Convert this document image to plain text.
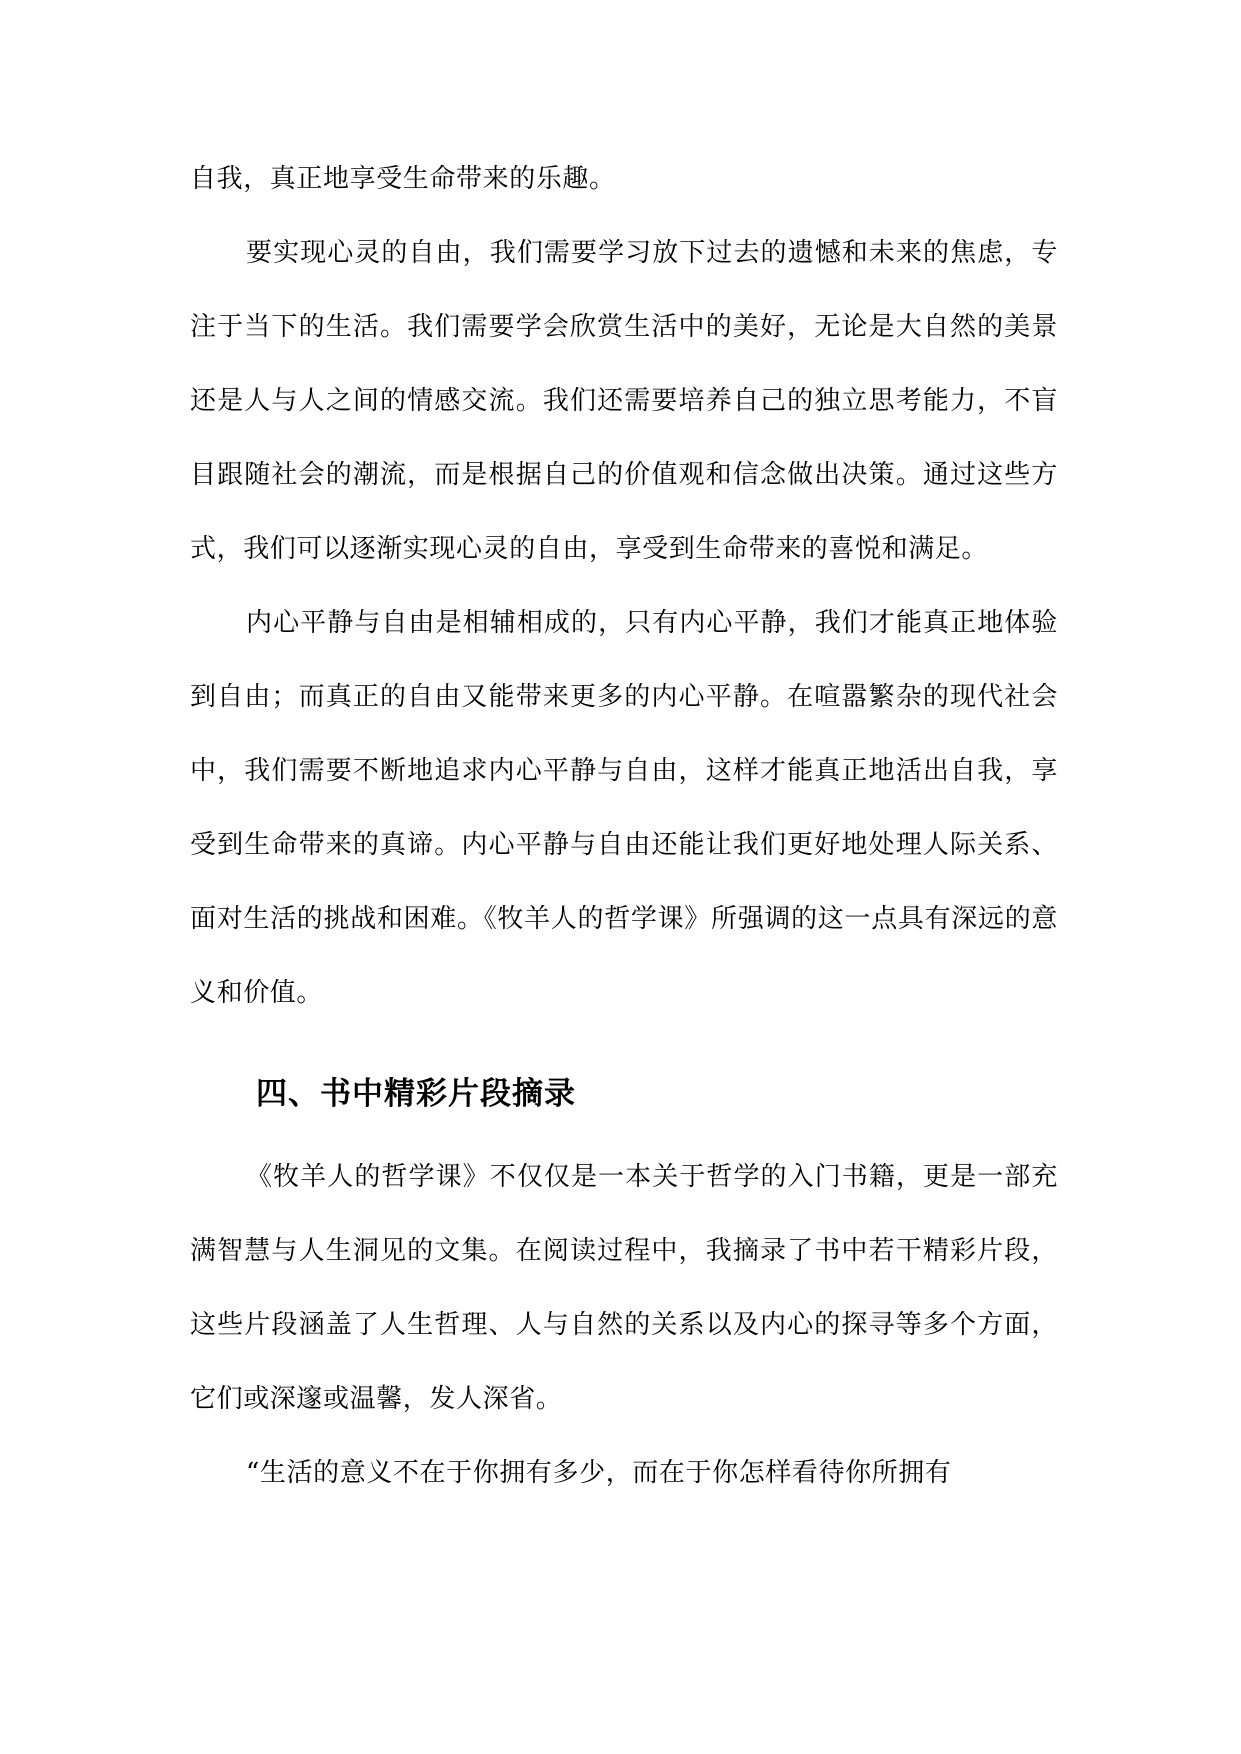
自我，真正地享受生命带来的乐趣。

要实现心灵的自由，我们需要学习放下过去的遗憾和未来的焦虑，专注于当下的生活。我们需要学会欣赏生活中的美好，无论是大自然的美景还是人与人之间的情感交流。我们还需要培养自己的独立思考能力，不盲目跟随社会的潮流，而是根据自己的价值观和信念做出决策。通过这些方式，我们可以逐渐实现心灵的自由，享受到生命带来的喜悦和满足。

内心平静与自由是相辅相成的，只有内心平静，我们才能真正地体验到自由；而真正的自由又能带来更多的内心平静。在喧嚣繁杂的现代社会中，我们需要不断地追求内心平静与自由，这样才能真正地活出自我，享受到生命带来的真谛。内心平静与自由还能让我们更好地处理人际关系、面对生活的挑战和困难。《牧羊人的哲学课》所强调的这一点具有深远的意义和价值。

四、书中精彩片段摘录

《牧羊人的哲学课》不仅仅是一本关于哲学的入门书籍，更是一部充满智慧与人生洞见的文集。在阅读过程中，我摘录了书中若干精彩片段，这些片段涵盖了人生哲理、人与自然的关系以及内心的探寻等多个方面，它们或深邃或温馨，发人深省。

“生活的意义不在于你拥有多少，而在于你怎样看待你所拥有
